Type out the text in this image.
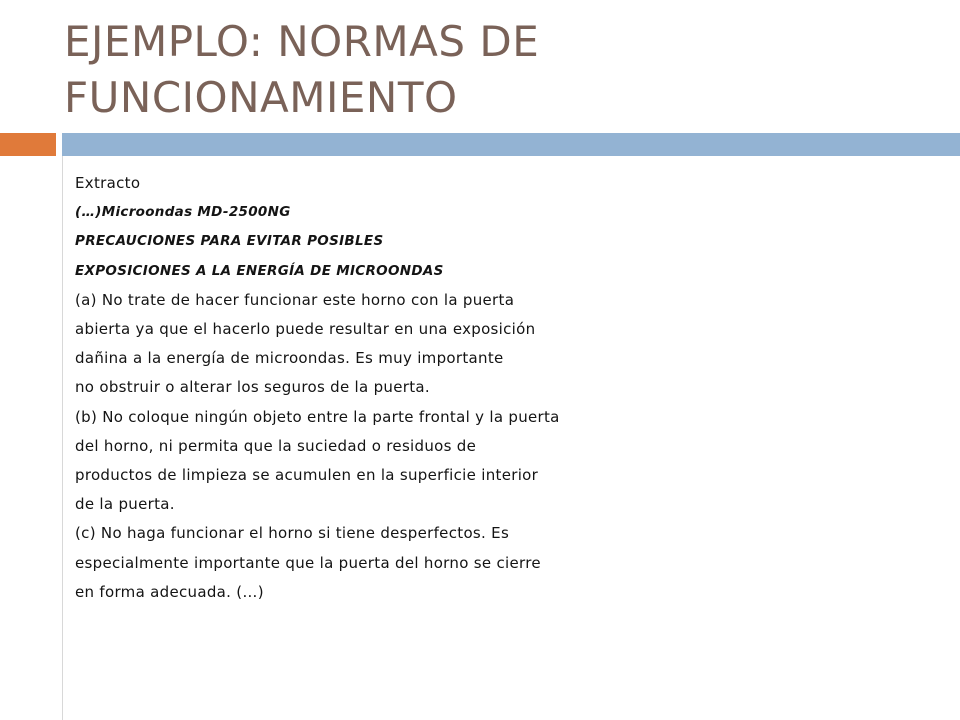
EJEMPLO: NORMAS DE
FUNCIONAMIENTO
Extracto
(…)Microondas MD-2500NG
PRECAUCIONES PARA EVITAR POSIBLES
EXPOSICIONES A LA ENERGÍA DE MICROONDAS
(a) No trate de hacer funcionar este horno con la puerta
abierta ya que el hacerlo puede resultar en una exposición
dañina a la energía de microondas. Es muy importante
no obstruir o alterar los seguros de la puerta.
(b) No coloque ningún objeto entre la parte frontal y la puerta
del horno, ni permita que la suciedad o residuos de
productos de limpieza se acumulen en la superficie interior
de la puerta.
(c) No haga funcionar el horno si tiene desperfectos. Es
especialmente importante que la puerta del horno se cierre
en forma adecuada. (…)
